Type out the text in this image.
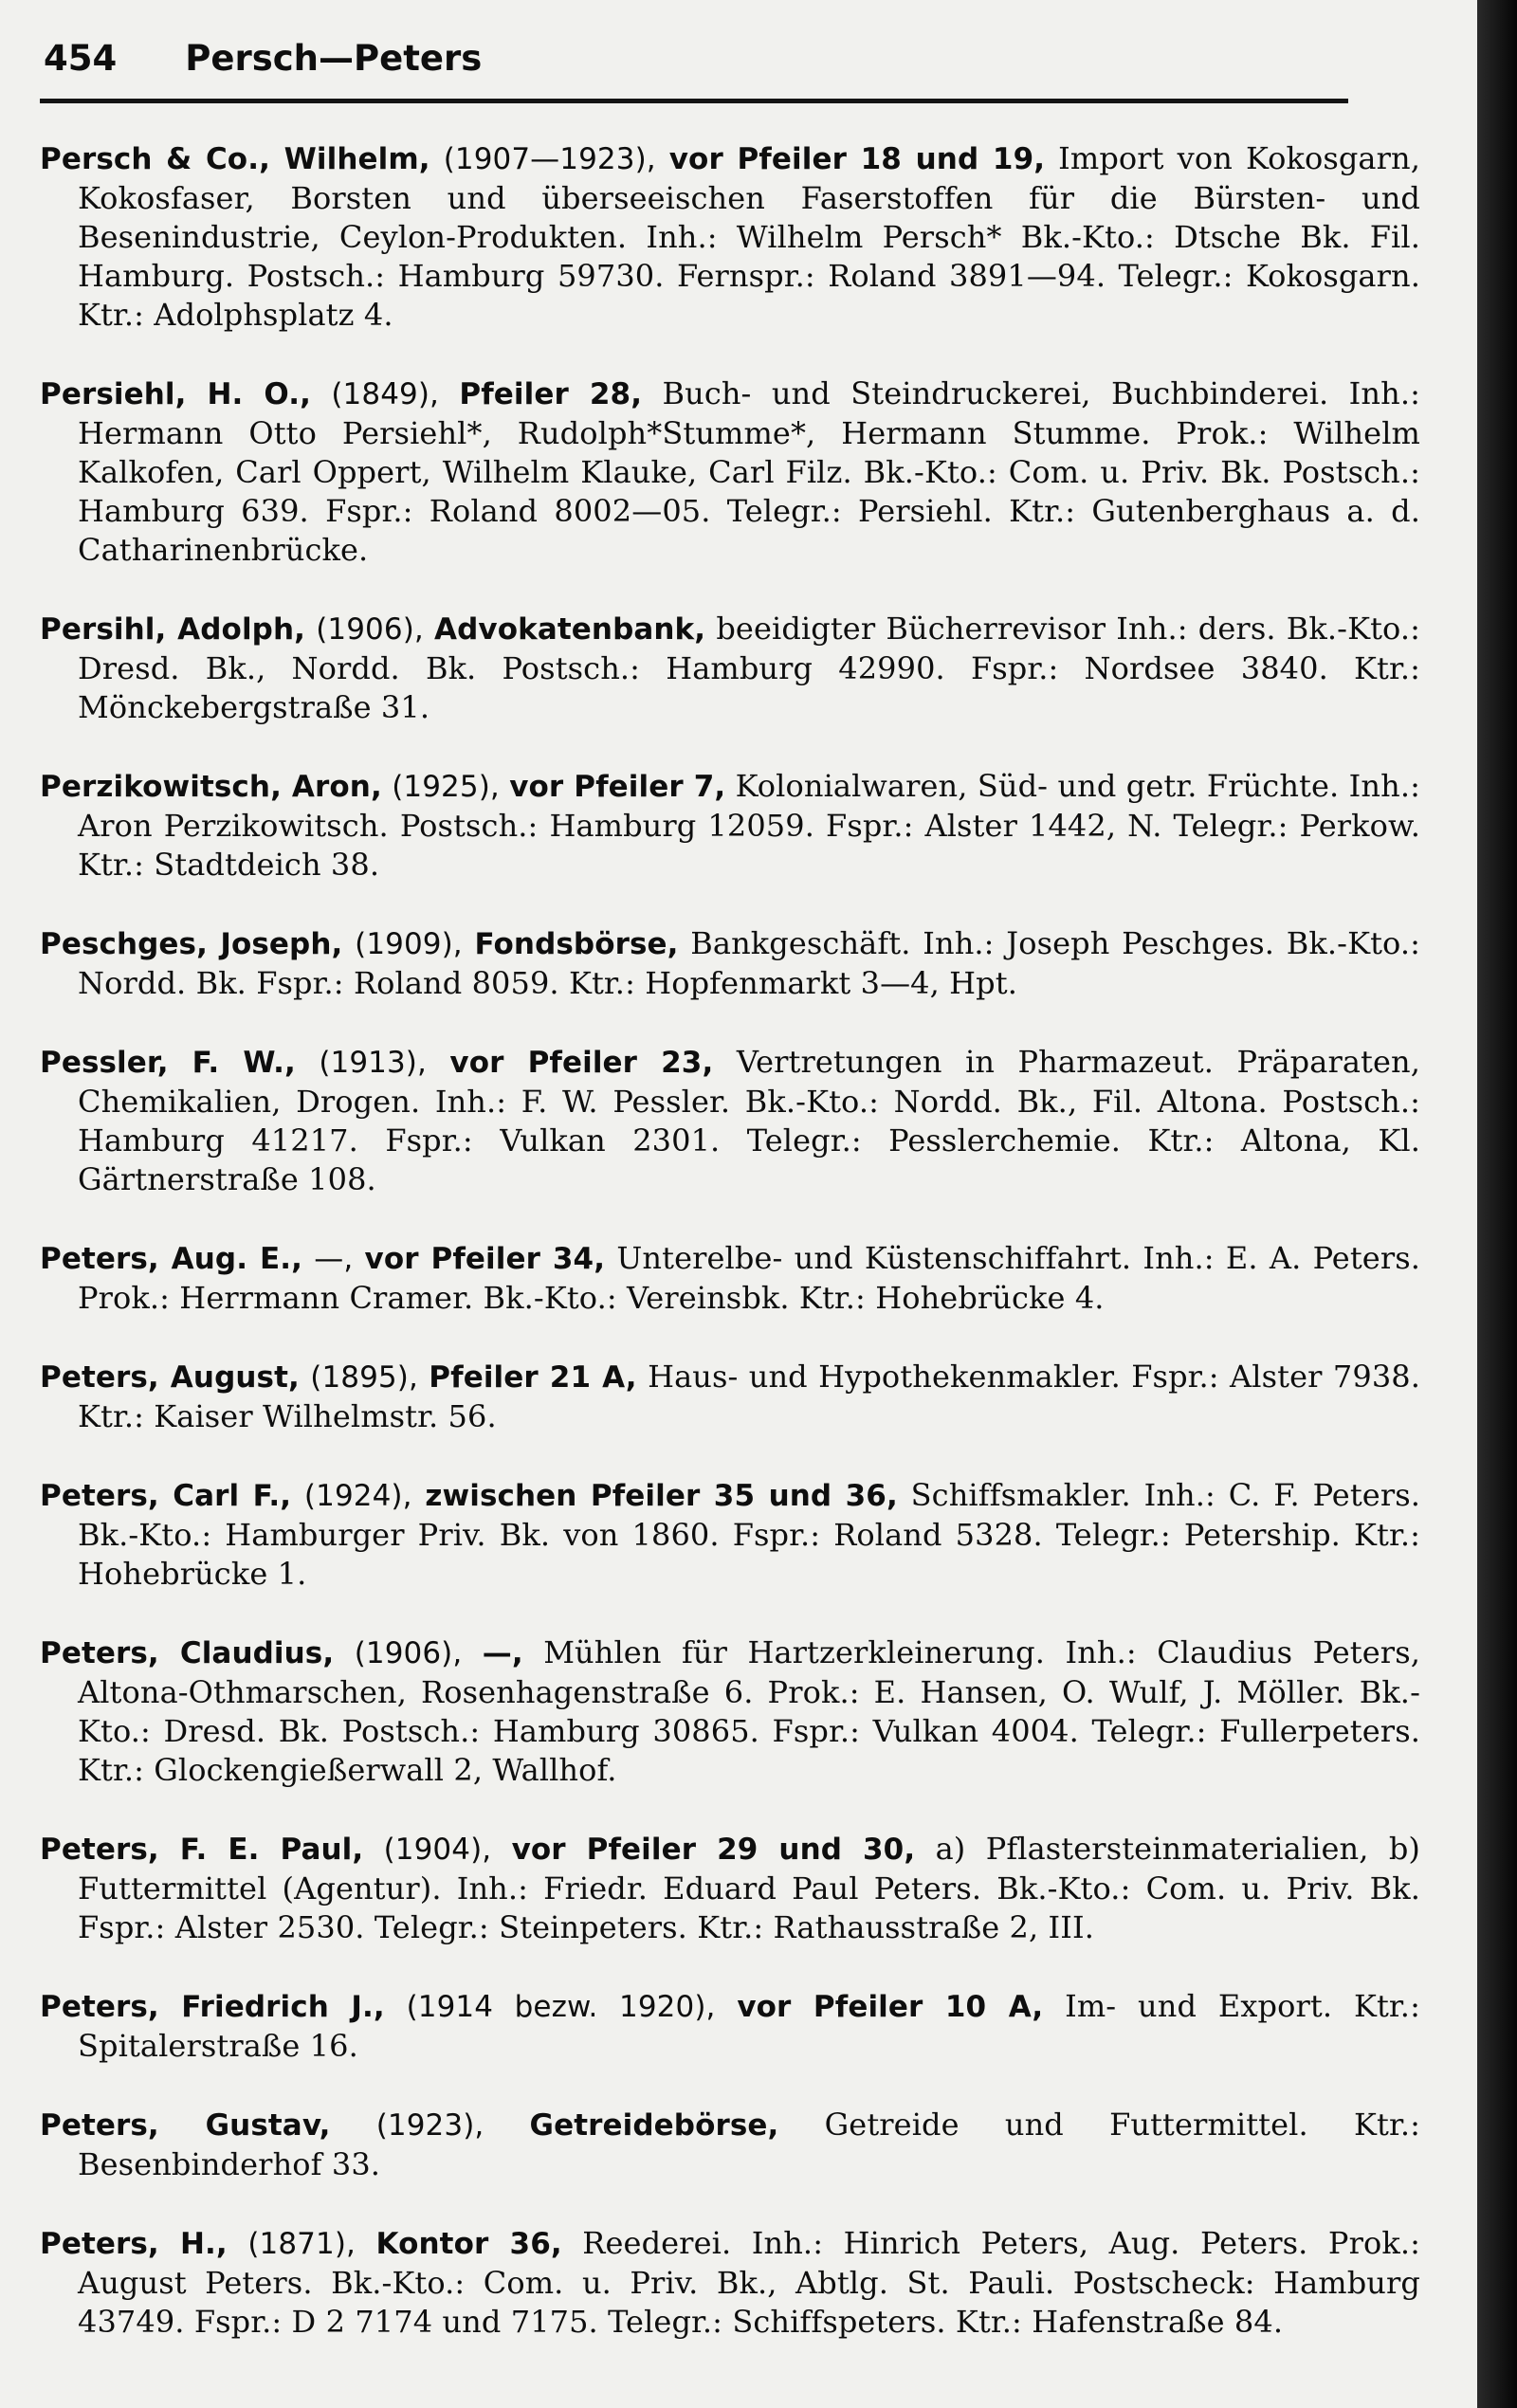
454 Persch—Peters

Persch & Co., Wilhelm, (1907—1923), vor Pfeiler 18 und 19, Import von Kokosgarn, Kokosfaser, Borsten und überseeischen Faserstoffen für die Bürsten- und Besenindustrie, Ceylon-Produkten. Inh.: Wilhelm Persch* Bk.-Kto.: Dtsche Bk. Fil. Hamburg. Postsch.: Hamburg 59730. Fernspr.: Roland 3891—94. Telegr.: Kokosgarn. Ktr.: Adolphsplatz 4.

Persiehl, H. O., (1849), Pfeiler 28, Buch- und Steindruckerei, Buchbinderei. Inh.: Hermann Otto Persiehl*, Rudolph*Stumme*, Hermann Stumme. Prok.: Wilhelm Kalkofen, Carl Oppert, Wilhelm Klauke, Carl Filz. Bk.-Kto.: Com. u. Priv. Bk. Postsch.: Hamburg 639. Fspr.: Roland 8002—05. Telegr.: Persiehl. Ktr.: Gutenberghaus a. d. Catharinenbrücke.

Persihl, Adolph, (1906), Advokatenbank, beeidigter Bücherrevisor Inh.: ders. Bk.-Kto.: Dresd. Bk., Nordd. Bk. Postsch.: Hamburg 42990. Fspr.: Nordsee 3840. Ktr.: Mönckebergstraße 31.

Perzikowitsch, Aron, (1925), vor Pfeiler 7, Kolonialwaren, Süd- und getr. Früchte. Inh.: Aron Perzikowitsch. Postsch.: Hamburg 12059. Fspr.: Alster 1442, N. Telegr.: Perkow. Ktr.: Stadtdeich 38.

Peschges, Joseph, (1909), Fondsbörse, Bankgeschäft. Inh.: Joseph Peschges. Bk.-Kto.: Nordd. Bk. Fspr.: Roland 8059. Ktr.: Hopfenmarkt 3—4, Hpt.

Pessler, F. W., (1913), vor Pfeiler 23, Vertretungen in Pharmazeut. Präparaten, Chemikalien, Drogen. Inh.: F. W. Pessler. Bk.-Kto.: Nordd. Bk., Fil. Altona. Postsch.: Hamburg 41217. Fspr.: Vulkan 2301. Telegr.: Pesslerchemie. Ktr.: Altona, Kl. Gärtnerstraße 108.

Peters, Aug. E., —, vor Pfeiler 34, Unterelbe- und Küstenschiffahrt. Inh.: E. A. Peters. Prok.: Herrmann Cramer. Bk.-Kto.: Vereinsbk. Ktr.: Hohebrücke 4.

Peters, August, (1895), Pfeiler 21 A, Haus- und Hypothekenmakler. Fspr.: Alster 7938. Ktr.: Kaiser Wilhelmstr. 56.

Peters, Carl F., (1924), zwischen Pfeiler 35 und 36, Schiffsmakler. Inh.: C. F. Peters. Bk.-Kto.: Hamburger Priv. Bk. von 1860. Fspr.: Roland 5328. Telegr.: Petership. Ktr.: Hohebrücke 1.

Peters, Claudius, (1906), —, Mühlen für Hartzerkleinerung. Inh.: Claudius Peters, Altona-Othmarschen, Rosenhagenstraße 6. Prok.: E. Hansen, O. Wulf, J. Möller. Bk.-Kto.: Dresd. Bk. Postsch.: Hamburg 30865. Fspr.: Vulkan 4004. Telegr.: Fullerpeters. Ktr.: Glockengießerwall 2, Wallhof.

Peters, F. E. Paul, (1904), vor Pfeiler 29 und 30, a) Pflastersteinmaterialien, b) Futtermittel (Agentur). Inh.: Friedr. Eduard Paul Peters. Bk.-Kto.: Com. u. Priv. Bk. Fspr.: Alster 2530. Telegr.: Steinpeters. Ktr.: Rathausstraße 2, III.

Peters, Friedrich J., (1914 bezw. 1920), vor Pfeiler 10 A, Im- und Export. Ktr.: Spitalerstraße 16.

Peters, Gustav, (1923), Getreidebörse, Getreide und Futtermittel. Ktr.: Besenbinderhof 33.

Peters, H., (1871), Kontor 36, Reederei. Inh.: Hinrich Peters, Aug. Peters. Prok.: August Peters. Bk.-Kto.: Com. u. Priv. Bk., Abtlg. St. Pauli. Postscheck: Hamburg 43749. Fspr.: D 2 7174 und 7175. Telegr.: Schiffspeters. Ktr.: Hafenstraße 84.
